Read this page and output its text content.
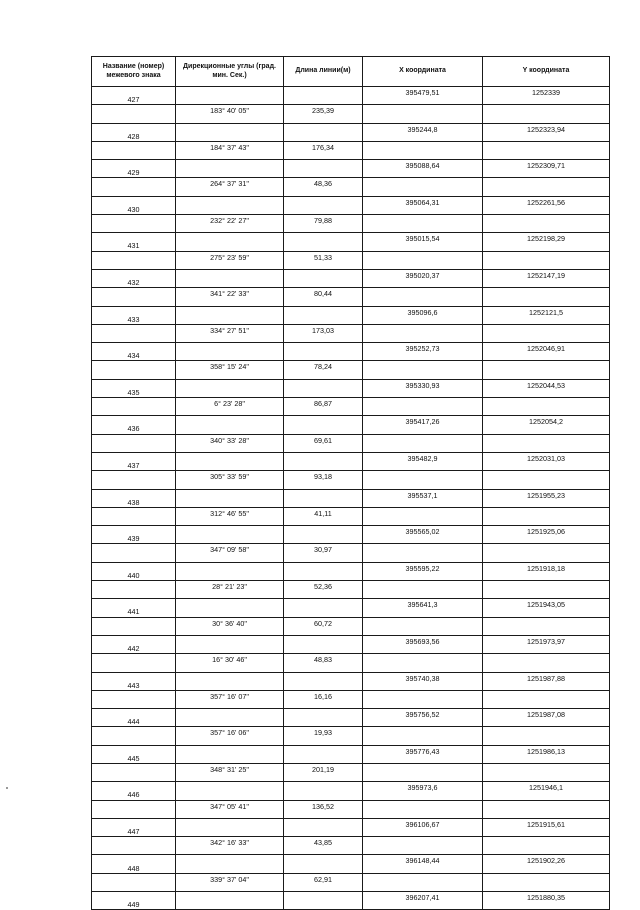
Название (номер) межевого знака	Дирекционные углы (град. мин. Сек.)	Длина линии(м)	X координата	Y координата
427			395479,51	1252339
	183° 40' 05"	235,39		
428			395244,8	1252323,94
	184° 37' 43"	176,34		
429			395088,64	1252309,71
	264° 37' 31"	48,36		
430			395064,31	1252261,56
	232° 22' 27"	79,88		
431			395015,54	1252198,29
	275° 23' 59"	51,33		
432			395020,37	1252147,19
	341° 22' 33"	80,44		
433			395096,6	1252121,5
	334° 27' 51"	173,03		
434			395252,73	1252046,91
	358° 15' 24"	78,24		
435			395330,93	1252044,53
	6° 23' 28"	86,87		
436			395417,26	1252054,2
	340° 33' 28"	69,61		
437			395482,9	1252031,03
	305° 33' 59"	93,18		
438			395537,1	1251955,23
	312° 46' 55"	41,11		
439			395565,02	1251925,06
	347° 09' 58"	30,97		
440			395595,22	1251918,18
	28° 21' 23"	52,36		
441			395641,3	1251943,05
	30° 36' 40"	60,72		
442			395693,56	1251973,97
	16° 30' 46"	48,83		
443			395740,38	1251987,88
	357° 16' 07"	16,16		
444			395756,52	1251987,08
	357° 16' 06"	19,93		
445			395776,43	1251986,13
	348° 31' 25"	201,19		
446			395973,6	1251946,1
	347° 05' 41"	136,52		
447			396106,67	1251915,61
	342° 16' 33"	43,85		
448			396148,44	1251902,26
	339° 37' 04"	62,91		
449			396207,41	1251880,35
